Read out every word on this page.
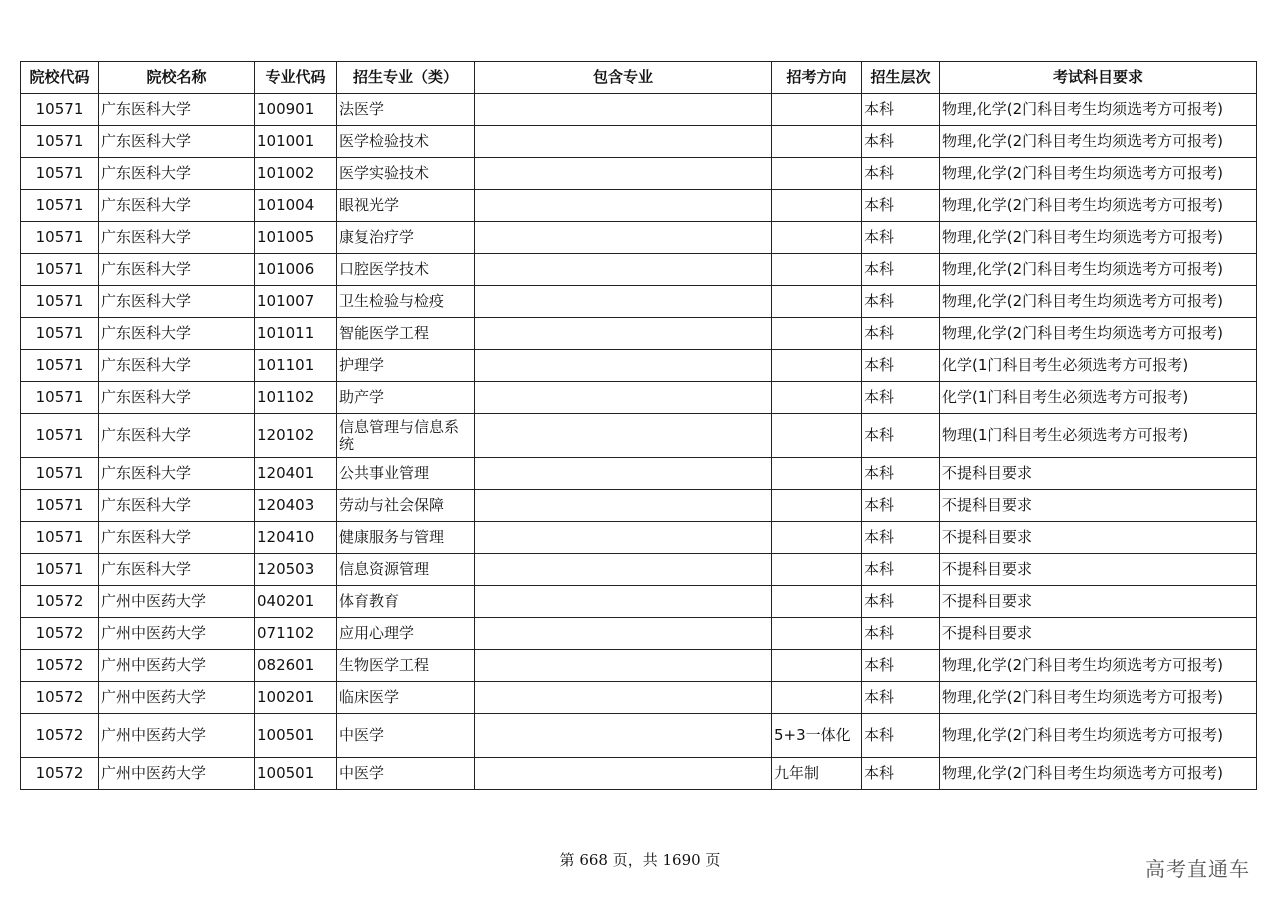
院校代码	院校名称	专业代码	招生专业（类）	包含专业	招考方向	招生层次	考试科目要求
10571	广东医科大学	100901	法医学			本科	物理,化学(2门科目考生均须选考方可报考)
10571	广东医科大学	101001	医学检验技术			本科	物理,化学(2门科目考生均须选考方可报考)
10571	广东医科大学	101002	医学实验技术			本科	物理,化学(2门科目考生均须选考方可报考)
10571	广东医科大学	101004	眼视光学			本科	物理,化学(2门科目考生均须选考方可报考)
10571	广东医科大学	101005	康复治疗学			本科	物理,化学(2门科目考生均须选考方可报考)
10571	广东医科大学	101006	口腔医学技术			本科	物理,化学(2门科目考生均须选考方可报考)
10571	广东医科大学	101007	卫生检验与检疫			本科	物理,化学(2门科目考生均须选考方可报考)
10571	广东医科大学	101011	智能医学工程			本科	物理,化学(2门科目考生均须选考方可报考)
10571	广东医科大学	101101	护理学			本科	化学(1门科目考生必须选考方可报考)
10571	广东医科大学	101102	助产学			本科	化学(1门科目考生必须选考方可报考)
10571	广东医科大学	120102	信息管理与信息系统			本科	物理(1门科目考生必须选考方可报考)
10571	广东医科大学	120401	公共事业管理			本科	不提科目要求
10571	广东医科大学	120403	劳动与社会保障			本科	不提科目要求
10571	广东医科大学	120410	健康服务与管理			本科	不提科目要求
10571	广东医科大学	120503	信息资源管理			本科	不提科目要求
10572	广州中医药大学	040201	体育教育			本科	不提科目要求
10572	广州中医药大学	071102	应用心理学			本科	不提科目要求
10572	广州中医药大学	082601	生物医学工程			本科	物理,化学(2门科目考生均须选考方可报考)
10572	广州中医药大学	100201	临床医学			本科	物理,化学(2门科目考生均须选考方可报考)
10572	广州中医药大学	100501	中医学		5+3一体化	本科	物理,化学(2门科目考生均须选考方可报考)
10572	广州中医药大学	100501	中医学		九年制	本科	物理,化学(2门科目考生均须选考方可报考)
第 668 页，共 1690 页	高考直通车
